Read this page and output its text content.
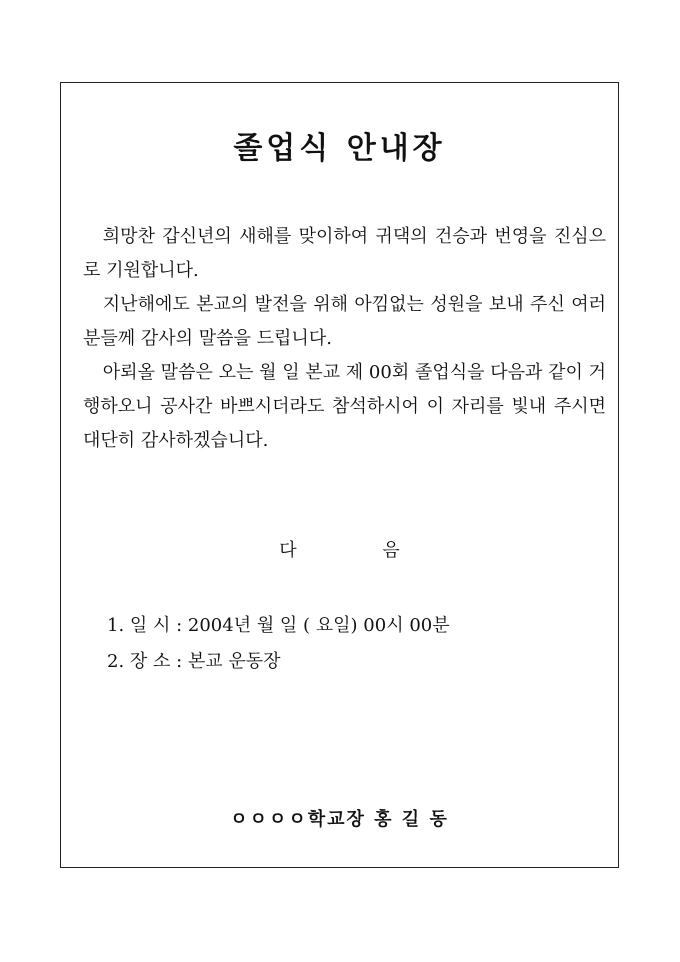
졸업식 안내장

희망찬 갑신년의 새해를 맞이하여 귀댁의 건승과 번영을 진심으로 기원합니다.

지난해에도 본교의 발전을 위해 아낌없는 성원을 보내 주신 여러분들께 감사의 말씀을 드립니다.

아뢰올 말씀은 오는 월 일 본교 제 00회 졸업식을 다음과 같이 거행하오니 공사간 바쁘시더라도 참석하시어 이 자리를 빛내 주시면 대단히 감사하겠습니다.

다 음
1. 일 시 : 2004년 월 일 ( 요일) 00시 00분
2. 장 소 : 본교 운동장
ㅇㅇㅇㅇ학교장 홍 길 동
